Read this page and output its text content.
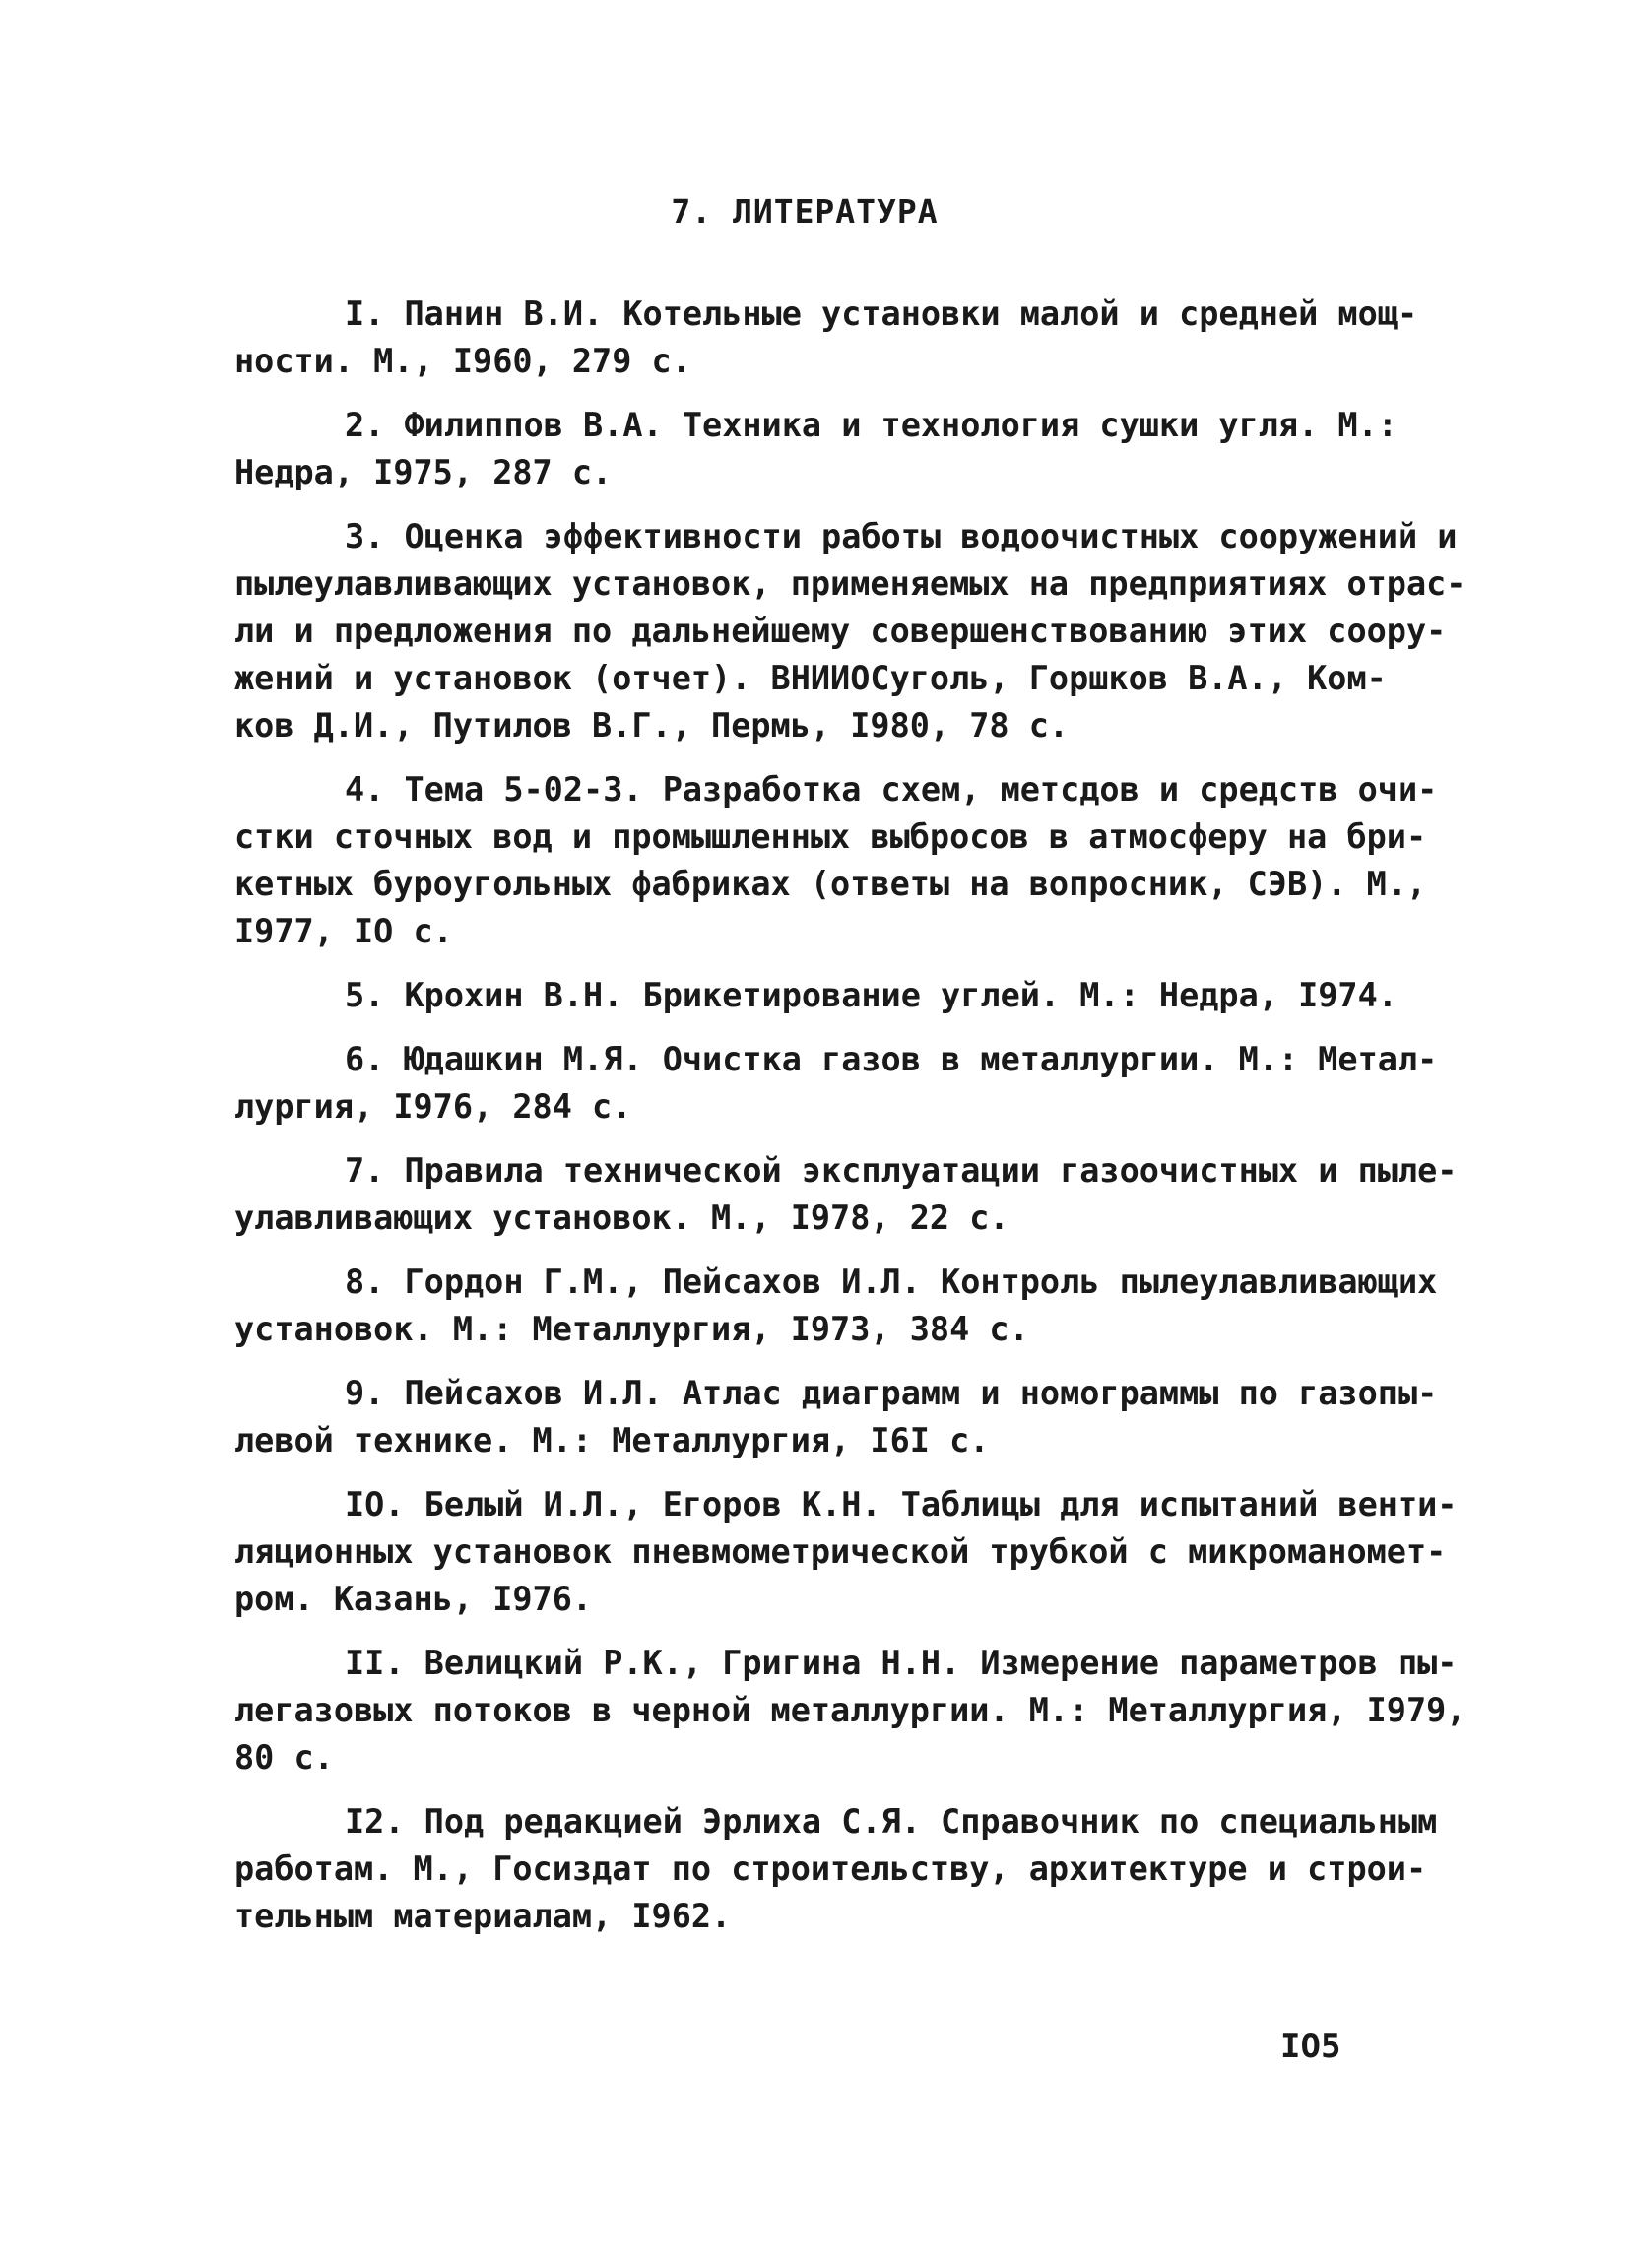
7. ЛИТЕРАТУРА
I. Панин В.И. Котельные установки малой и средней мощ-
ности. М., I960, 279 с.
2. Филиппов В.А. Техника и технология сушки угля. М.:
Недра, I975, 287 с.
3. Оценка эффективности работы водоочистных сооружений и
пылеулавливающих установок, применяемых на предприятиях отрас-
ли и предложения по дальнейшему совершенствованию этих соору-
жений и установок (отчет). ВНИИОСуголь, Горшков В.А., Ком-
ков Д.И., Путилов В.Г., Пермь, I980, 78 с.
4. Тема 5-02-3. Разработка схем, метсдов и средств очи-
стки сточных вод и промышленных выбросов в атмосферу на бри-
кетных буроугольных фабриках (ответы на вопросник, СЭВ). М.,
I977, IO с.
5. Крохин В.Н. Брикетирование углей. М.: Недра, I974.
6. Юдашкин М.Я. Очистка газов в металлургии. М.: Метал-
лургия, I976, 284 с.
7. Правила технической эксплуатации газоочистных и пыле-
улавливающих установок. М., I978, 22 с.
8. Гордон Г.М., Пейсахов И.Л. Контроль пылеулавливающих
установок. М.: Металлургия, I973, 384 с.
9. Пейсахов И.Л. Атлас диаграмм и номограммы по газопы-
левой технике. М.: Металлургия, I6I с.
IO. Белый И.Л., Егоров К.Н. Таблицы для испытаний венти-
ляционных установок пневмометрической трубкой с микроманомет-
ром. Казань, I976.
II. Велицкий Р.К., Григина Н.Н. Измерение параметров пы-
легазовых потоков в черной металлургии. М.: Металлургия, I979,
80 с.
I2. Под редакцией Эрлиха С.Я. Справочник по специальным
работам. М., Госиздат по строительству, архитектуре и строи-
тельным материалам, I962.
IO5
